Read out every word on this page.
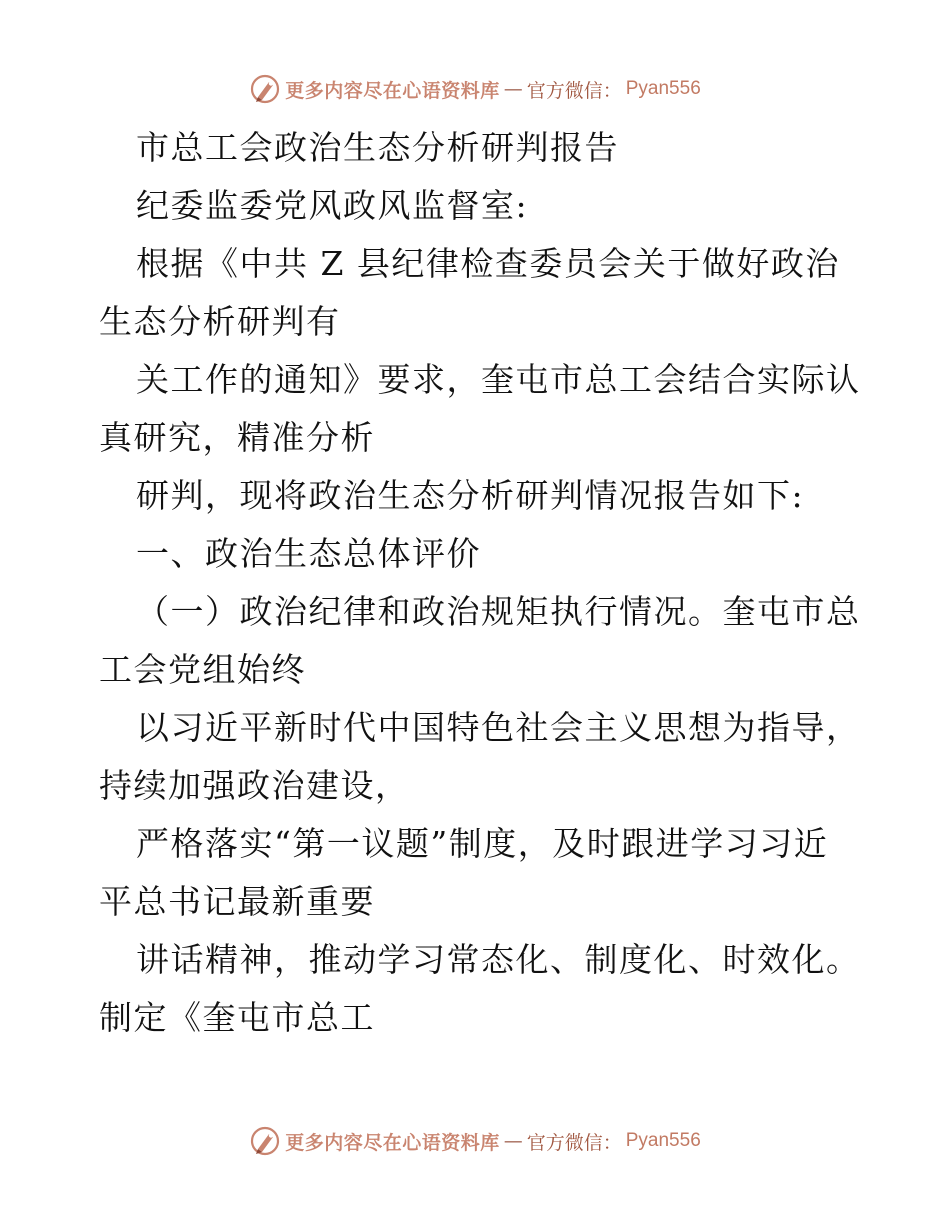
更多内容尽在心语资料库 — 官方微信： Pyan556
市总工会政治生态分析研判报告
纪委监委党风政风监督室:
根据《中共 Z 县纪律检查委员会关于做好政治
生态分析研判有
关工作的通知》要求，奎屯市总工会结合实际认
真研究，精准分析
研判，现将政治生态分析研判情况报告如下:
一、政治生态总体评价
（一）政治纪律和政治规矩执行情况。奎屯市总
工会党组始终
以习近平新时代中国特色社会主义思想为指导，
持续加强政治建设，
严格落实“第一议题”制度，及时跟进学习习近
平总书记最新重要
讲话精神，推动学习常态化、制度化、时效化。
制定《奎屯市总工
更多内容尽在心语资料库 — 官方微信： Pyan556
